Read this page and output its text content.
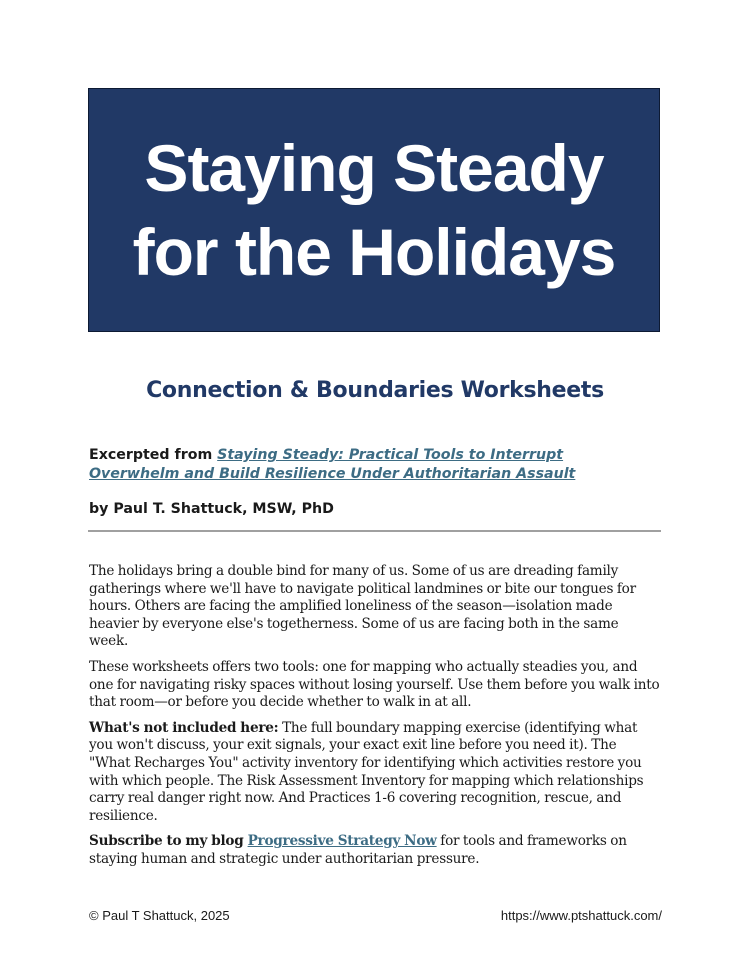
Staying Steady
for the Holidays
Connection & Boundaries Worksheets
Excerpted from Staying Steady: Practical Tools to Interrupt Overwhelm and Build Resilience Under Authoritarian Assault
by Paul T. Shattuck, MSW, PhD

The holidays bring a double bind for many of us. Some of us are dreading family gatherings where we'll have to navigate political landmines or bite our tongues for hours. Others are facing the amplified loneliness of the season—isolation made heavier by everyone else's togetherness. Some of us are facing both in the same week.

These worksheets offers two tools: one for mapping who actually steadies you, and one for navigating risky spaces without losing yourself. Use them before you walk into that room—or before you decide whether to walk in at all.

What's not included here: The full boundary mapping exercise (identifying what you won't discuss, your exit signals, your exact exit line before you need it). The "What Recharges You" activity inventory for identifying which activities restore you with which people. The Risk Assessment Inventory for mapping which relationships carry real danger right now. And Practices 1-6 covering recognition, rescue, and resilience.

Subscribe to my blog Progressive Strategy Now for tools and frameworks on staying human and strategic under authoritarian pressure.

© Paul T Shattuck, 2025	https://www.ptshattuck.com/
